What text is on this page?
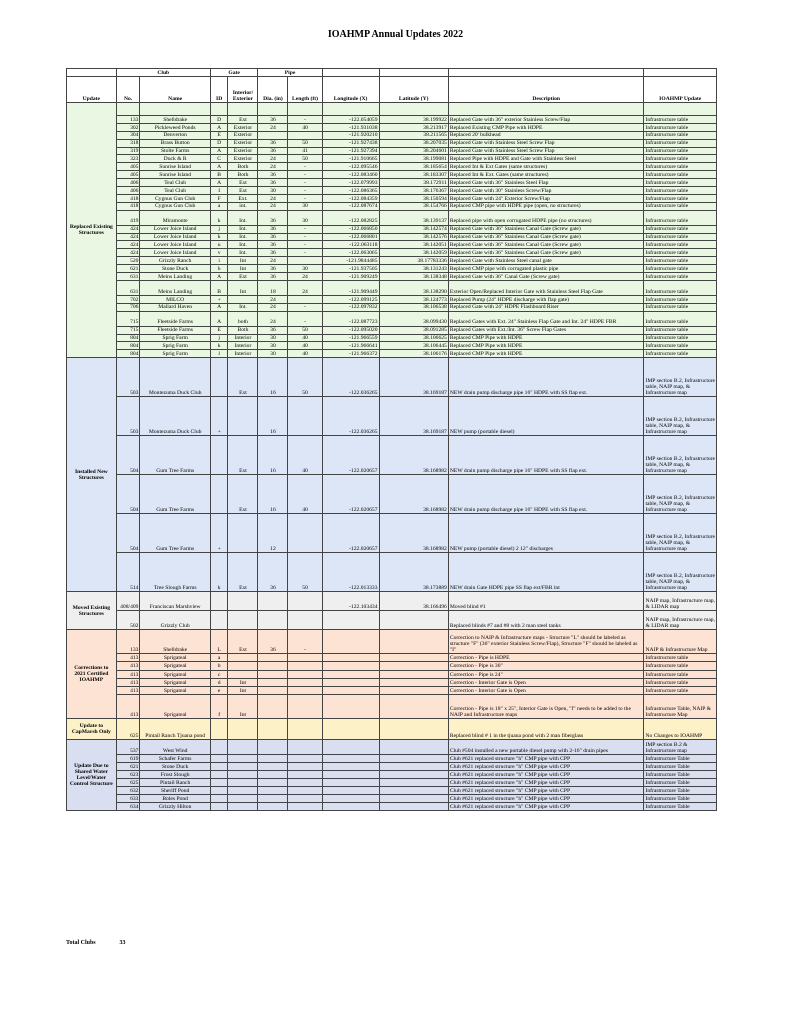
IOAHMP Annual Updates 2022
	Club		Gate		Pipe					
Update	No.	Name	ID	Interior/ Exterior	Dia. (in)	Length (ft)	Longitude (X)	Latitude (Y)	Description	IOAHMP Update
Replaced Existing Structures										
	133	Shelldrake	D	Ext	36	-	-122.054059	38.199922	Replaced Gate with 36" exterior Stainless Screw/Flap	Infrastructure table
	302	Pickleweed Ponds	A	Exterior	24	40	-121.931038	38.213917	Replaced Existing CMP Pipe with HDPE	Infrastructure table
	304	Denverton	E	Exterior			-121.920210	38.211565	Replaced 20' bulkhead	Infrastructure table
	318	Brass Button	D	Exterior	36	50	-121.927438	38.207035	Replaced Gate with Stainless Steel Screw Flap	Infrastructure table
	319	Stolte Farms	A	Exterior	36	41	-121.927394	38.204601	Replaced Gate with Stainless Steel Screw Flap	Infrastructure table
	323	Duck & R	C	Exterior	24	50	-121.910665	38.199081	Replaced Pipe with HDPE and Gate with Stainless Steel	Infrastructure table
	405	Sunrise Island	A	Both	24	-	-122.095546	38.185654	Replaced Int & Ext Gates (same structures)	Infrastructure table
	405	Sunrise Island	B	Both	36	-	-122.083460	38.183307	Replaced Int & Ext. Gates (same structures)	Infrastructure table
	406	Teal Club	A	Ext	36	-	-122.079993	38.172911	Replaced Gate with 36" Stainless Steel Flap	Infrastructure table
	406	Teal Club	I	Ext	30	-	-122.086365	38.176367	Replaced Gate with 30" Stainless Screw/Flap	Infrastructure table
	418	Cygnus Gun Club	F	Ext.	24	-	-122.084359	38.150594	Replaced Gate with 24" Exterior Screw/Flap	Infrastructure table
	418	Cygnus Gun Club	a	int.	24	30	-122.087674	38.154766	Replaced CMP pipe with HDPE pipe (open, no structures)	Infrastructure table
	419	Miramonte	k	Int.	36	30	-122.082825	38.139137	Replaced pipe with open corrugated HDPE pipe (no structures)	Infrastructure table
	424	Lower Joice Island	j	Int.	36	-	-122.066850	38.142574	Replaced Gate with 36" Stainless Canal Gate (Screw gate)	Infrastructure table
	424	Lower Joice Island	k	Int.	36	-	-122.066801	38.142576	Replaced Gate with 36" Stainless Canal Gate (Screw gate)	Infrastructure table
	424	Lower Joice Island	u	Int.	36	-	-122.063118	38.142051	Replaced Gate with 36" Stainless Canal Gate (Screw gate)	Infrastructure table
	424	Lower Joice Island	v	Int.	36	-	-122.063065	38.142059	Replaced Gate with 36" Stainless Canal Gate (Screw gate)	Infrastructure table
	520	Grizzly Ranch	i	Int	24		-121.9844485	38.17783336	Replaced Gate with Stainless Steel canal gate	Infrastructure table
	621	Stone Duck	h	Int	36	30	-121.937505	38.131243	Replaced CMP pipe with corrugated plastic pipe	Infrastructure table
	631	Meins Landing	A	Ext	36	24	-121.909249	38.138348	Replaced Gate with 36" Canal Gate (Screw gate)	Infrastructure table
	631	Meins Landing	B	Int	18	24	-121.909449	38.138290	Exterior Open/Replaced Interior Gate with Stainless Steel Flap Gate	Infrastructure table
	702	MILCO	+		24		-122.099125	38.124773	Replaced Pump (24" HDPE discharge with flap gate)	Infrastructure table
	706	Mallard Haven	A	Int.	24	-	-122.097832	38.106538	Replaced Gate with 24" HDPE Flashboard Riser	Infrastructure table
	715	Fleetside Farms	A	both	24	-	-122.087723	38.099430	Replaced Gates with Ext. 24" Stainless Flap Gate and Int. 24" HDPE FBR	Infrastructure table
	715	Fleetside Farms	E	Both	36	50	-122.095020	38.091285	Replaced Gates with Ext./Int. 36" Screw Flap Gates	Infrastructure table
	804	Sprig Farm	j	Interior	30	40	-121.966559	38.106625	Replaced CMP Pipe with HDPE	Infrastructure table
	804	Sprig Farm	k	Interior	30	40	-121.966641	38.106445	Replaced CMP Pipe with HDPE	Infrastructure table
	804	Sprig Farm	l	Interior	30	40	-121.966372	38.106176	Replaced CMP Pipe with HDPE	Infrastructure table
Installed New Structures	503	Montezuma Duck Club		Ext	16	50	-122.036265	38.169187	NEW drain pump discharge pipe 16" HDPE with SS flap ext.	IMP section B.2, Infrastructure table, NAIP map, & Infrastructure map
	503	Montezuma Duck Club	+		16		-122.036265	38.169187	NEW pump (portable diesel)	IMP section B.2, Infrastructure table, NAIP map, & Infrastructure map
	504	Gum Tree Farms		Ext	16	40	-122.020657	38.168982	NEW drain pump discharge pipe 16" HDPE with SS flap ext.	IMP section B.2, Infrastructure table, NAIP map, & Infrastructure map
	504	Gum Tree Farms		Ext	16	40	-122.020657	38.168982	NEW drain pump discharge pipe 16" HDPE with SS flap ext.	IMP section B.2, Infrastructure table, NAIP map, & Infrastructure map
	504	Gum Tree Farms	+		12		-122.020657	38.168982	NEW pump (portable diesel) 2 12" discharges	IMP section B.2, Infrastructure table, NAIP map, & Infrastructure map
	514	Tree Slough Farms	k	Ext	36	50	-122.013333	38.173889	NEW drain Gate HDPE pipe SS flap ext/FBR int	IMP section B.2, Infrastructure table, NAIP map, & Infrastructure map
Moved Existing Structures	408/409	Franciscan Marshview					-122.103434	38.166496	Moved blind #1	NAIP map, Infrastructure map, & LIDAR map
	502	Grizzly Club							Replaced blinds #7 and #8 with 2 man steel tanks	NAIP map, Infrastructure map, & LIDAR map
Corrections to 2021 Certified IOAHMP	133	Shelldrake	L	Ext	36	-			Correction to NAIP & Infrastructure maps - Structure "L" should be labeled as structure "F" (36" exterior Stainless Screw/Flap), Structure "F" should be labeled as "I"	NAIP & Infrastructure Map
	413	Sprigateal	a						Correction - Pipe is HDPE	Infrastructure table
	413	Sprigateal	b						Correction - Pipe is 30"	Infrastructure table
	413	Sprigateal	c						Correction - Pipe is 24"	Infrastructure table
	413	Sprigateal	d	Int					Correction - Interior Gate is Open	Infrastructure table
	413	Sprigateal	e	Int					Correction - Interior Gate is Open	Infrastructure table
	413	Sprigateal	f	Int					Correction - Pipe is 18" x 25", Interior Gate is Open, "f" needs to be added to the NAIP and Infrastructure maps	Infrastructure Table, NAIP & Infrastructure Map
Update to CapMarsh Only	625	Pintail Ranch Tjuana pond							Replaced blind # 1 in the tjuana pond with 2 man fiberglass	No Changes to IOAHMP
Update Due to Shared Water Level/Water Control Structure	537	West Wind							Club #504 installed a new portable diesel pump with 2-16" drain pipes	IMP section B.2 & Infrastructure map
	619	Schafer Farms							Club #621 replaced structure "h" CMP pipe with CPP	Infrastructure Table
	621	Stone Duck							Club #621 replaced structure "h" CMP pipe with CPP	Infrastructure Table
	623	Frost Slough							Club #621 replaced structure "h" CMP pipe with CPP	Infrastructure Table
	625	Pintail Ranch							Club #621 replaced structure "h" CMP pipe with CPP	Infrastructure Table
	632	Sheriff Pond							Club #621 replaced structure "h" CMP pipe with CPP	Infrastructure Table
	633	Boles Pond							Club #621 replaced structure "h" CMP pipe with CPP	Infrastructure Table
	634	Grizzly Hilton							Club #621 replaced structure "h" CMP pipe with CPP	Infrastructure Table
Total Clubs	33
